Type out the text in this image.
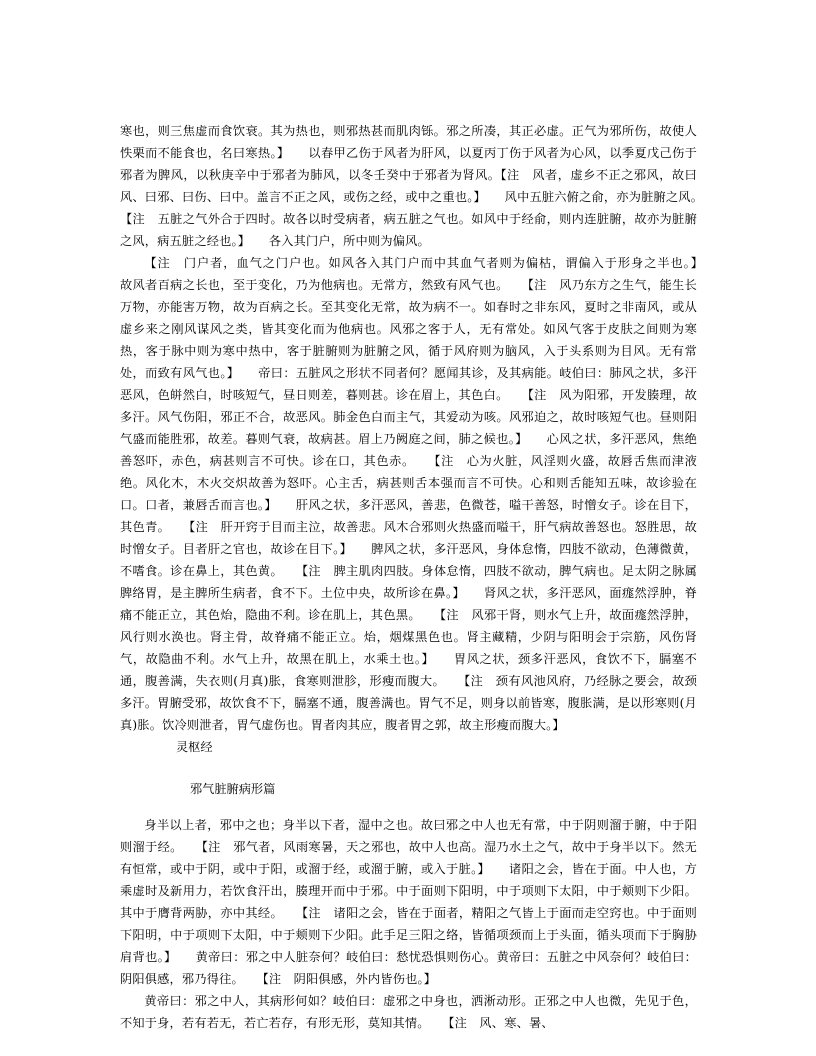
寒也，则三焦虚而食饮衰。其为热也，则邪热甚而肌肉铄。邪之所凑，其正必虚。正气为邪所伤，故使人怢栗而不能食也，名曰寒热。】　　以春甲乙伤于风者为肝风，以夏丙丁伤于风者为心风，以季夏戊己伤于邪者为脾风，以秋庚辛中于邪者为肺风，以冬壬癸中于邪者为肾风。【注　风者，虚乡不正之邪风，故曰风、曰邪、曰伤、曰中。盖言不正之风，或伤之经，或中之重也。】　　风中五脏六俯之俞，亦为脏腑之风。　　【注　五脏之气外合于四时。故各以时受病者，病五脏之气也。如风中于经俞，则内连脏腑，故亦为脏腑之风，病五脏之经也。】　　各入其门户，所中则为偏风。

【注　门户者，血气之门户也。如风各入其门户而中其血气者则为偏枯，谓偏入于形身之半也。】　　故风者百病之长也，至于变化，乃为他病也。无常方，然致有风气也。　　【注　风乃东方之生气，能生长万物，亦能害万物，故为百病之长。至其变化无常，故为病不一。如春时之非东风，夏时之非南风，或从虚乡来之刚风谋风之类，皆其变化而为他病也。风邪之客于人，无有常处。如风气客于皮肤之间则为寒热，客于脉中则为寒中热中，客于脏腑则为脏腑之风，循于风府则为脑风，入于头系则为目风。无有常处，而致有风气也。】　　帝曰：五脏风之形状不同者何？愿闻其诊，及其病能。岐伯曰：肺风之状，多汗恶风，色皏然白，时咳短气，昼日则差，暮则甚。诊在眉上，其色白。　　【注　风为阳邪，开发腠理，故多汗。风气伤阳，邪正不合，故恶风。肺金色白而主气，其爱动为咳。风邪迫之，故时咳短气也。昼则阳气盛而能胜邪，故差。暮则气衰，故病甚。眉上乃阙庭之间，肺之候也。】　　心风之状，多汗恶风，焦绝善怒吓，赤色，病甚则言不可快。诊在口，其色赤。　　【注　心为火脏，风淫则火盛，故唇舌焦而津液绝。风化木，木火交炽故善为怒吓。心主舌，病甚则舌本强而言不可快。心和则舌能知五味，故诊验在口。口者，兼唇舌而言也。】　　肝风之状，多汗恶风，善悲，色微苍，嗌干善怒，时憎女子。诊在目下，其色青。　　【注　肝开窍于目而主泣，故善悲。风木合邪则火热盛而嗌干，肝气病故善怒也。怒胜思，故时憎女子。目者肝之官也，故诊在目下。】　　脾风之状，多汗恶风，身体怠惰，四肢不欲动，色薄微黄，不嗜食。诊在鼻上，其色黄。　　【注　脾主肌肉四肢。身体怠惰，四肢不欲动，脾气病也。足太阴之脉属脾络胃，是主脾所生病者，食不下。土位中央，故所诊在鼻。】　　肾风之状，多汗恶风，面痝然浮肿，脊痛不能正立，其色炲，隐曲不利。诊在肌上，其色黑。　　【注　风邪干肾，则水气上升，故面痝然浮肿，风行则水涣也。肾主骨，故脊痛不能正立。炲，烟煤黑色也。肾主藏精，少阴与阳明会于宗筋，风伤肾气，故隐曲不利。水气上升，故黑在肌上，水乘土也。】　　胃风之状，颈多汗恶风，食饮不下，膈塞不通，腹善满，失衣则(月真)胀，食寒则泄胗，形瘦而腹大。　　【注　颈有风池风府，乃经脉之要会，故颈多汗。胃腑受邪，故饮食不下，膈塞不通，腹善满也。胃气不足，则身以前皆寒，腹胀满，是以形寒则(月真)胀。饮冷则泄者，胃气虚伤也。胃者肉其应，腹者胃之郭，故主形瘦而腹大。】

灵枢经
邪气脏腑病形篇

身半以上者，邪中之也；身半以下者，湿中之也。故曰邪之中人也无有常，中于阴则溜于腑，中于阳则溜于经。　　【注　邪气者，风雨寒暑，天之邪也，故中人也高。湿乃水土之气，故中于身半以下。然无有恒常，或中于阴，或中于阳，或溜于经，或溜于腑，或入于脏。】　　诸阳之会，皆在于面。中人也，方乘虚时及新用力，若饮食汗出，腠理开而中于邪。中于面则下阳明，中于项则下太阳，中于颊则下少阳。其中于膺背两胁，亦中其经。　　【注　诸阳之会，皆在于面者，精阳之气皆上于面而走空窍也。中于面则下阳明，中于项则下太阳，中于颊则下少阳。此手足三阳之络，皆循项颈而上于头面，循头项而下于胸胁肩背也。】　　黄帝曰：邪之中人脏奈何？岐伯曰：愁忧恐惧则伤心。黄帝曰：五脏之中风奈何？岐伯曰：阴阳俱感，邪乃得往。　　【注　阴阳俱感，外内皆伤也。】

黄帝曰：邪之中人，其病形何如？岐伯曰：虚邪之中身也，洒淅动形。正邪之中人也微，先见于色，不知于身，若有若无，若亡若存，有形无形，莫知其情。　　【注　风、寒、暑、
